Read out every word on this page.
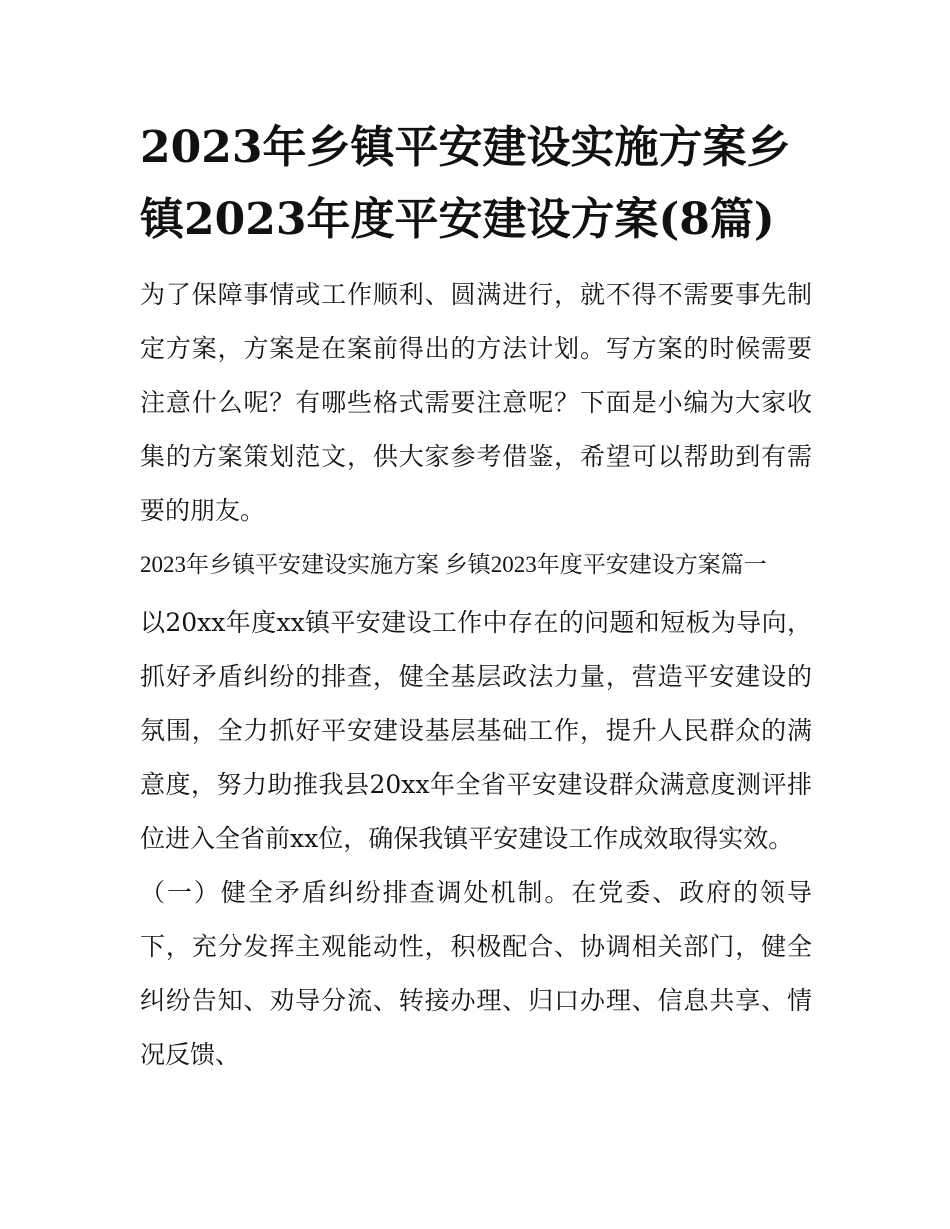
2023年乡镇平安建设实施方案乡镇2023年度平安建设方案(8篇)

为了保障事情或工作顺利、圆满进行，就不得不需要事先制定方案，方案是在案前得出的方法计划。写方案的时候需要注意什么呢？有哪些格式需要注意呢？下面是小编为大家收集的方案策划范文，供大家参考借鉴，希望可以帮助到有需要的朋友。

2023年乡镇平安建设实施方案 乡镇2023年度平安建设方案篇一

以20xx年度xx镇平安建设工作中存在的问题和短板为导向，抓好矛盾纠纷的排查，健全基层政法力量，营造平安建设的氛围，全力抓好平安建设基层基础工作，提升人民群众的满意度，努力助推我县20xx年全省平安建设群众满意度测评排位进入全省前xx位，确保我镇平安建设工作成效取得实效。

（一）健全矛盾纠纷排查调处机制。在党委、政府的领导下，充分发挥主观能动性，积极配合、协调相关部门，健全纠纷告知、劝导分流、转接办理、归口办理、信息共享、情况反馈、
